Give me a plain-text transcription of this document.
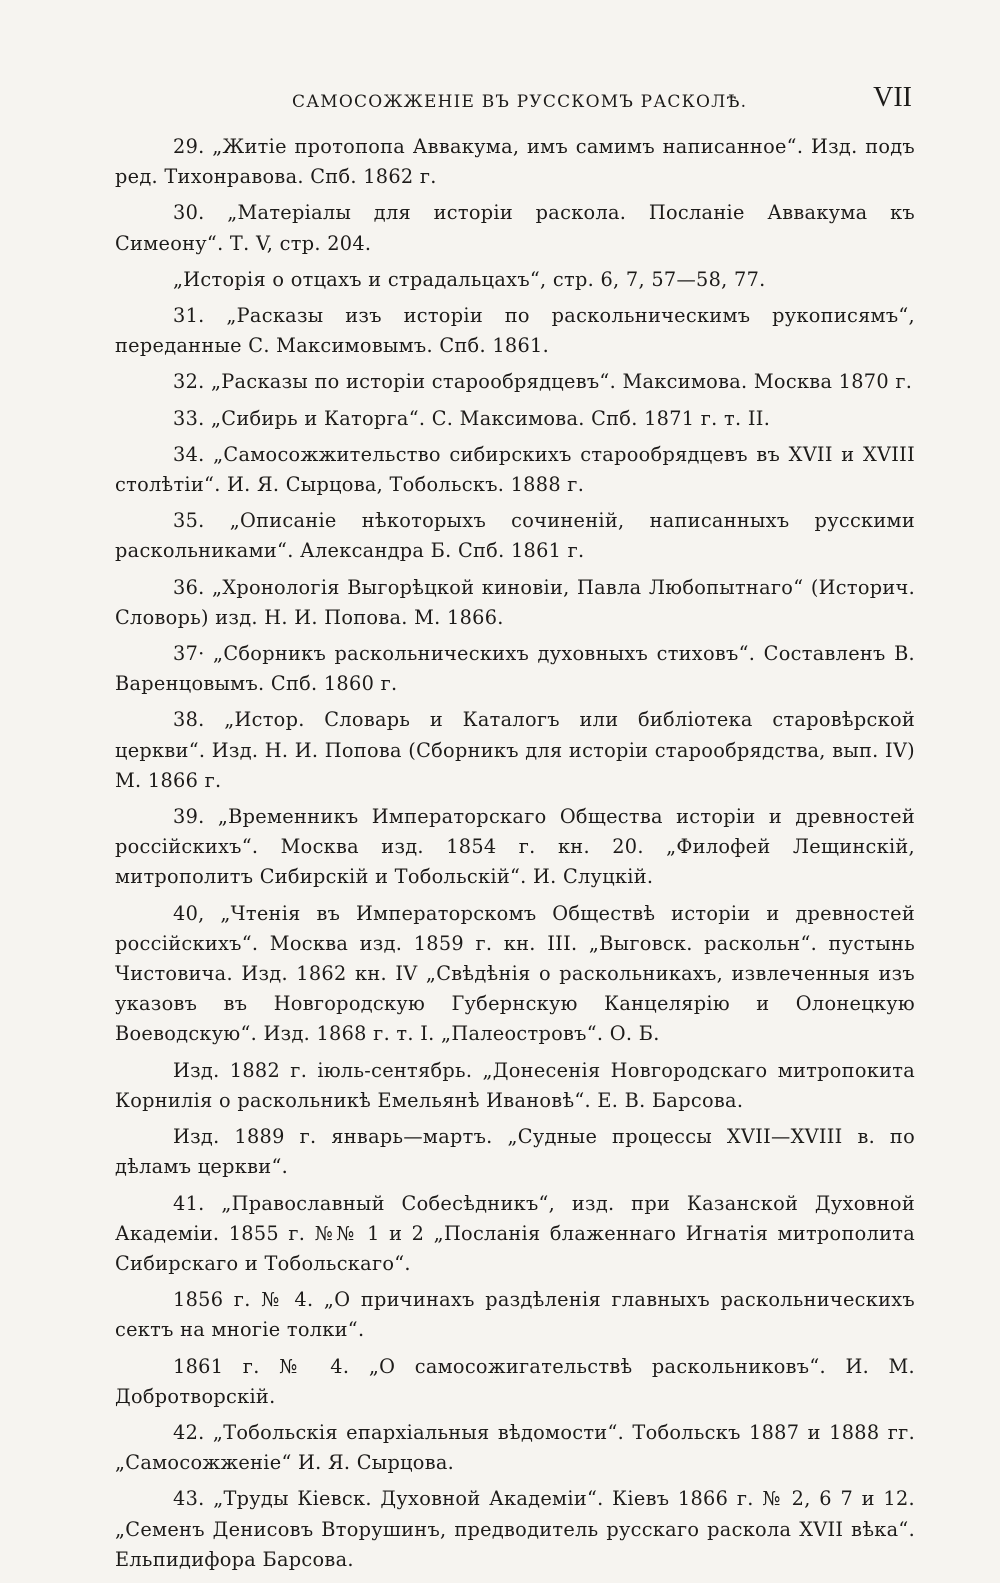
САМОСОЖЖЕНІЕ ВЪ РУССКОМЪ РАСКОЛѢ.	VII

29. „Житіе протопопа Аввакума, имъ самимъ написанное“. Изд. подъ ред. Тихонравова. Спб. 1862 г.

30. „Матеріалы для исторіи раскола. Посланіе Аввакума къ Симеону“. Т. V, стр. 204.

„Исторія о отцахъ и страдальцахъ“, стр. 6, 7, 57—58, 77.

31. „Расказы изъ исторіи по раскольническимъ рукописямъ“, переданные С. Максимовымъ. Спб. 1861.

32. „Расказы по исторіи старообрядцевъ“. Максимова. Москва 1870 г.

33. „Сибирь и Каторга“. С. Максимова. Спб. 1871 г. т. II.

34. „Самосожжительство сибирскихъ старообрядцевъ въ XVII и XVIII столѣтіи“. И. Я. Сырцова, Тобольскъ. 1888 г.

35. „Описаніе нѣкоторыхъ сочиненій, написанныхъ русскими раскольниками“. Александра Б. Спб. 1861 г.

36. „Хронологія Выгорѣцкой киновіи, Павла Любопытнаго“ (Историч. Словорь) изд. Н. И. Попова. М. 1866.

37· „Сборникъ раскольническихъ духовныхъ стиховъ“. Составленъ В. Варенцовымъ. Спб. 1860 г.

38. „Истор. Словарь и Каталогъ или библіотека старовѣрской церкви“. Изд. Н. И. Попова (Сборникъ для исторіи старообрядства, вып. IV) М. 1866 г.

39. „Временникъ Императорскаго Общества исторіи и древностей россійскихъ“. Москва изд. 1854 г. кн. 20. „Филофей Лещинскій, митрополитъ Сибирскій и Тобольскій“. И. Слуцкій.

40, „Чтенія въ Императорскомъ Обществѣ исторіи и древностей россійскихъ“. Москва изд. 1859 г. кн. III. „Выговск. раскольн“. пустынь Чистовича. Изд. 1862 кн. IV „Свѣдѣнія о раскольникахъ, извлеченныя изъ указовъ въ Новгородскую Губернскую Канцелярію и Олонецкую Воеводскую“. Изд. 1868 г. т. I. „Палеостровъ“. О. Б.

Изд. 1882 г. іюль-сентябрь. „Донесенія Новгородскаго митропокита Корнилія о раскольникѣ Емельянѣ Ивановѣ“. Е. В. Барсова.

Изд. 1889 г. январь—мартъ. „Судные процессы XVII—XVIII в. по дѣламъ церкви“.

41. „Православный Собесѣдникъ“, изд. при Казанской Духовной Академіи. 1855 г. №№ 1 и 2 „Посланія блаженнаго Игнатія митрополита Сибирскаго и Тобольскаго“.

1856 г. № 4. „О причинахъ раздѣленія главныхъ раскольническихъ сектъ на многіе толки“.

1861 г. № 4. „О самосожигательствѣ раскольниковъ“. И. М. Добротворскій.

42. „Тобольскія епархіальныя вѣдомости“. Тобольскъ 1887 и 1888 гг. „Самосожженіе“ И. Я. Сырцова.

43. „Труды Кіевск. Духовной Академіи“. Кіевъ 1866 г. № 2, 6 7 и 12. „Семенъ Денисовъ Вторушинъ, предводитель русскаго раскола XVII вѣка“. Ельпидифора Барсова.
